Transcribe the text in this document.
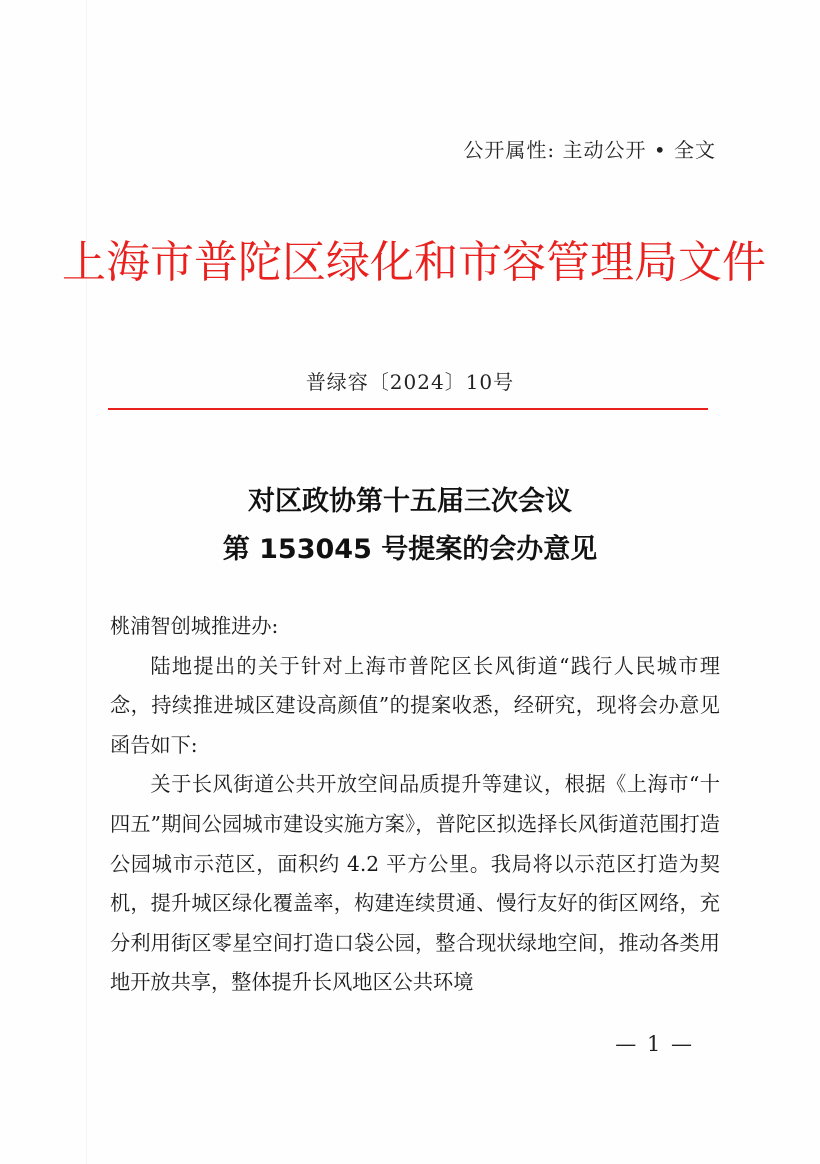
公开属性: 主动公开 • 全文
上海市普陀区绿化和市容管理局文件
普绿容〔2024〕10号
对区政协第十五届三次会议
第 153045 号提案的会办意见

桃浦智创城推进办:

陆地提出的关于针对上海市普陀区长风街道“践行人民城市理念，持续推进城区建设高颜值”的提案收悉，经研究，现将会办意见函告如下:

关于长风街道公共开放空间品质提升等建议，根据《上海市“十四五”期间公园城市建设实施方案》，普陀区拟选择长风街道范围打造公园城市示范区，面积约 4.2 平方公里。我局将以示范区打造为契机，提升城区绿化覆盖率，构建连续贯通、慢行友好的街区网络，充分利用街区零星空间打造口袋公园，整合现状绿地空间，推动各类用地开放共享，整体提升长风地区公共环境

— 1 —
